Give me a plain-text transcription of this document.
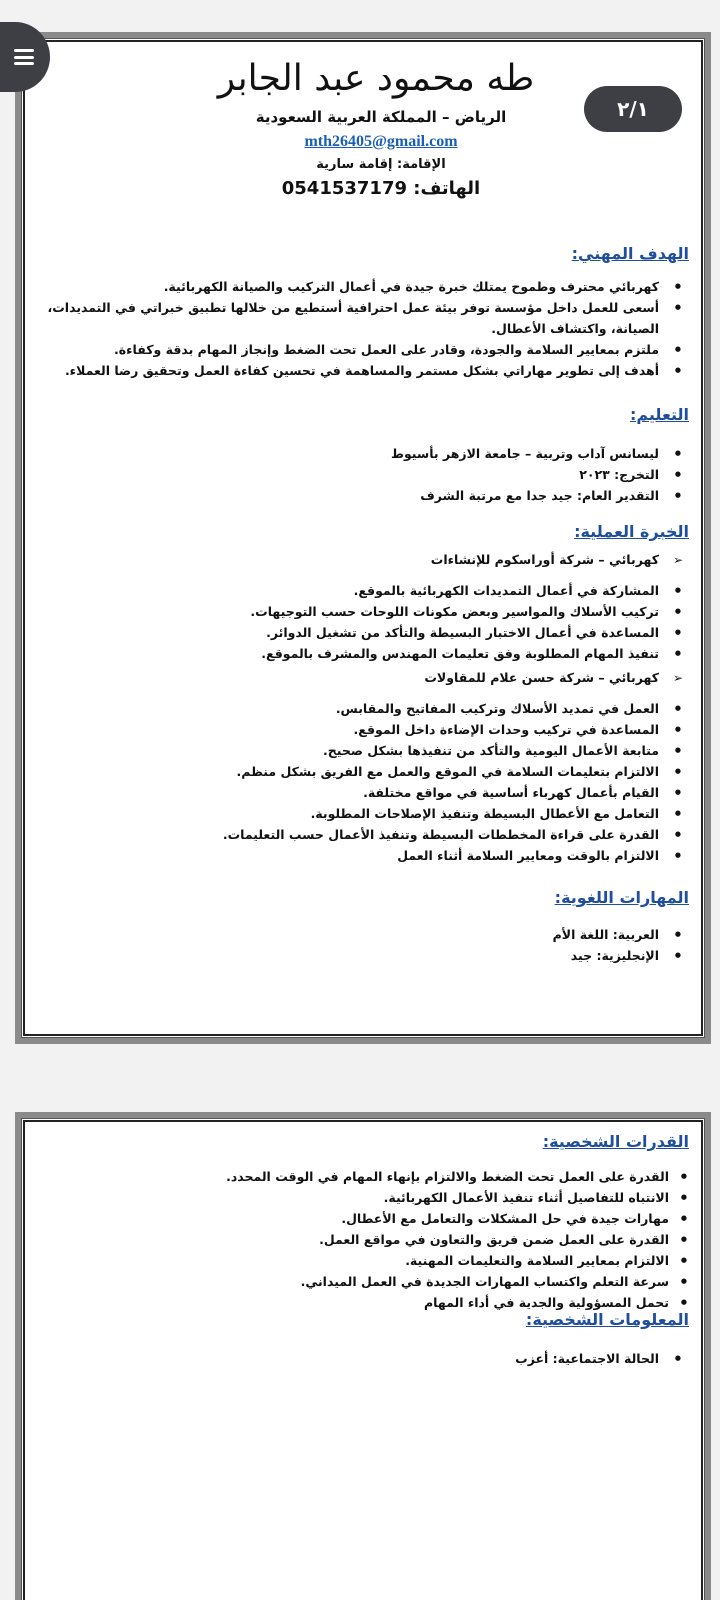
٢/١
طه محمود عبد الجابر
الرياض – المملكة العربية السعودية
mth26405@gmail.com
الإقامة: إقامة سارية
الهاتف: 0541537179
الهدف المهني:
● كهربائي محترف وطموح يمتلك خبرة جيدة في أعمال التركيب والصيانة الكهربائية.
● أسعى للعمل داخل مؤسسة توفر بيئة عمل احترافية أستطيع من خلالها تطبيق خبراتي في التمديدات، الصيانة، واكتشاف الأعطال.
● ملتزم بمعايير السلامة والجودة، وقادر على العمل تحت الضغط وإنجاز المهام بدقة وكفاءة.
● أهدف إلى تطوير مهاراتي بشكل مستمر والمساهمة في تحسين كفاءة العمل وتحقيق رضا العملاء.
التعليم:
● ليسانس آداب وتربية – جامعة الازهر بأسيوط
● التخرج: ٢٠٢٣
● التقدير العام: جيد جدا مع مرتبة الشرف
الخبرة العملية:
➢
كهربائي – شركة أوراسكوم للإنشاءات
● المشاركة في أعمال التمديدات الكهربائية بالموقع.
● تركيب الأسلاك والمواسير وبعض مكونات اللوحات حسب التوجيهات.
● المساعدة في أعمال الاختبار البسيطة والتأكد من تشغيل الدوائر.
● تنفيذ المهام المطلوبة وفق تعليمات المهندس والمشرف بالموقع.
➢
كهربائي – شركة حسن علام للمقاولات
● العمل في تمديد الأسلاك وتركيب المفاتيح والمقابس.
● المساعدة في تركيب وحدات الإضاءة داخل الموقع.
● متابعة الأعمال اليومية والتأكد من تنفيذها بشكل صحيح.
● الالتزام بتعليمات السلامة في الموقع والعمل مع الفريق بشكل منظم.
● القيام بأعمال كهرباء أساسية في مواقع مختلفة.
● التعامل مع الأعطال البسيطة وتنفيذ الإصلاحات المطلوبة.
● القدرة على قراءة المخططات البسيطة وتنفيذ الأعمال حسب التعليمات.
● الالتزام بالوقت ومعايير السلامة أثناء العمل
المهارات اللغوية:
● العربية: اللغة الأم
● الإنجليزية: جيد
القدرات الشخصية:
● القدرة على العمل تحت الضغط والالتزام بإنهاء المهام في الوقت المحدد.
● الانتباه للتفاصيل أثناء تنفيذ الأعمال الكهربائية.
● مهارات جيدة في حل المشكلات والتعامل مع الأعطال.
● القدرة على العمل ضمن فريق والتعاون في مواقع العمل.
● الالتزام بمعايير السلامة والتعليمات المهنية.
● سرعة التعلم واكتساب المهارات الجديدة في العمل الميداني.
● تحمل المسؤولية والجدية في أداء المهام
المعلومات الشخصية:
● الحالة الاجتماعية: أعزب
